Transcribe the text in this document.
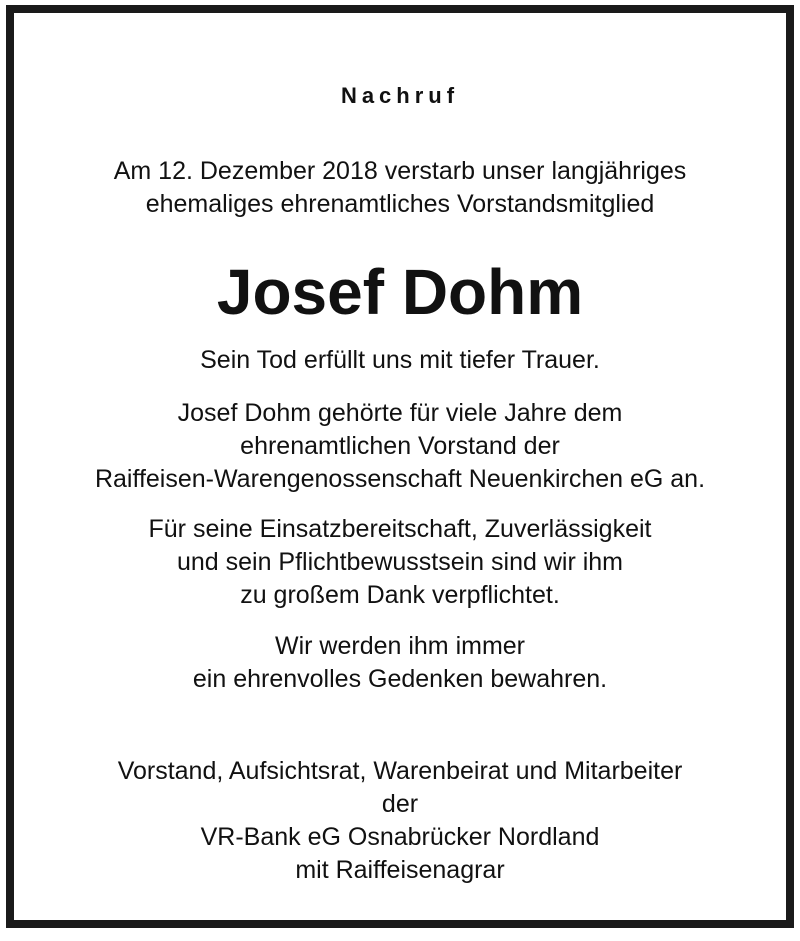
Nachruf
Am 12. Dezember 2018 verstarb unser langjähriges
ehemaliges ehrenamtliches Vorstandsmitglied
Josef Dohm
Sein Tod erfüllt uns mit tiefer Trauer.
Josef Dohm gehörte für viele Jahre dem
ehrenamtlichen Vorstand der
Raiffeisen-Warengenossenschaft Neuenkirchen eG an.
Für seine Einsatzbereitschaft, Zuverlässigkeit
und sein Pflichtbewusstsein sind wir ihm
zu großem Dank verpflichtet.
Wir werden ihm immer
ein ehrenvolles Gedenken bewahren.
Vorstand, Aufsichtsrat, Warenbeirat und Mitarbeiter
der
VR-Bank eG Osnabrücker Nordland
mit Raiffeisenagrar
